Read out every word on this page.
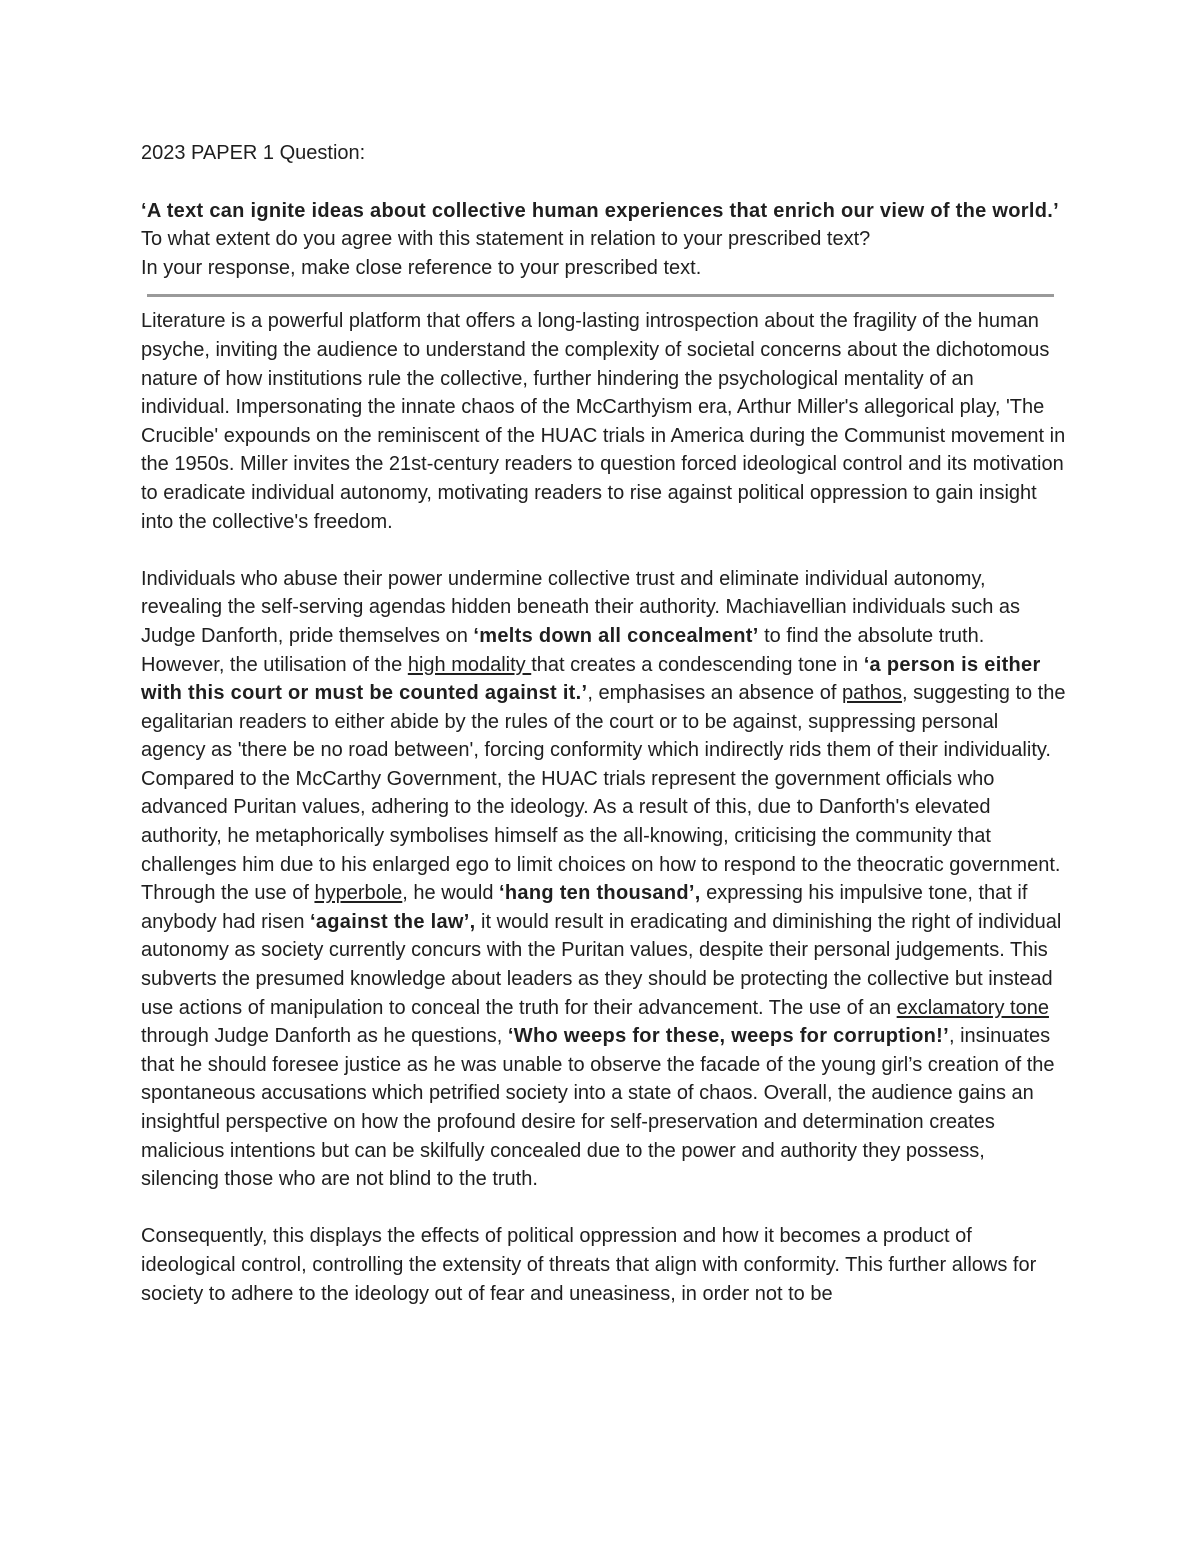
2023 PAPER 1 Question:

‘A text can ignite ideas about collective human experiences that enrich our view of the world.’

To what extent do you agree with this statement in relation to your prescribed text?

In your response, make close reference to your prescribed text.

Literature is a powerful platform that offers a long-lasting introspection about the fragility of the human psyche, inviting the audience to understand the complexity of societal concerns about the dichotomous nature of how institutions rule the collective, further hindering the psychological mentality of an individual. Impersonating the innate chaos of the McCarthyism era, Arthur Miller's allegorical play, 'The Crucible' expounds on the reminiscent of the HUAC trials in America during the Communist movement in the 1950s. Miller invites the 21st-century readers to question forced ideological control and its motivation to eradicate individual autonomy, motivating readers to rise against political oppression to gain insight into the collective's freedom.

Individuals who abuse their power undermine collective trust and eliminate individual autonomy, revealing the self-serving agendas hidden beneath their authority. Machiavellian individuals such as Judge Danforth, pride themselves on ‘melts down all concealment’ to find the absolute truth. However, the utilisation of the high modality that creates a condescending tone in ‘a person is either with this court or must be counted against it.’, emphasises an absence of pathos, suggesting to the egalitarian readers to either abide by the rules of the court or to be against, suppressing personal agency as 'there be no road between', forcing conformity which indirectly rids them of their individuality. Compared to the McCarthy Government, the HUAC trials represent the government officials who advanced Puritan values, adhering to the ideology. As a result of this, due to Danforth's elevated authority, he metaphorically symbolises himself as the all-knowing, criticising the community that challenges him due to his enlarged ego to limit choices on how to respond to the theocratic government. Through the use of hyperbole, he would ‘hang ten thousand’, expressing his impulsive tone, that if anybody had risen ‘against the law’, it would result in eradicating and diminishing the right of individual autonomy as society currently concurs with the Puritan values, despite their personal judgements. This subverts the presumed knowledge about leaders as they should be protecting the collective but instead use actions of manipulation to conceal the truth for their advancement. The use of an exclamatory tone through Judge Danforth as he questions, ‘Who weeps for these, weeps for corruption!’, insinuates that he should foresee justice as he was unable to observe the facade of the young girl’s creation of the spontaneous accusations which petrified society into a state of chaos. Overall, the audience gains an insightful perspective on how the profound desire for self-preservation and determination creates malicious intentions but can be skilfully concealed due to the power and authority they possess, silencing those who are not blind to the truth.

Consequently, this displays the effects of political oppression and how it becomes a product of ideological control, controlling the extensity of threats that align with conformity. This further allows for society to adhere to the ideology out of fear and uneasiness, in order not to be
